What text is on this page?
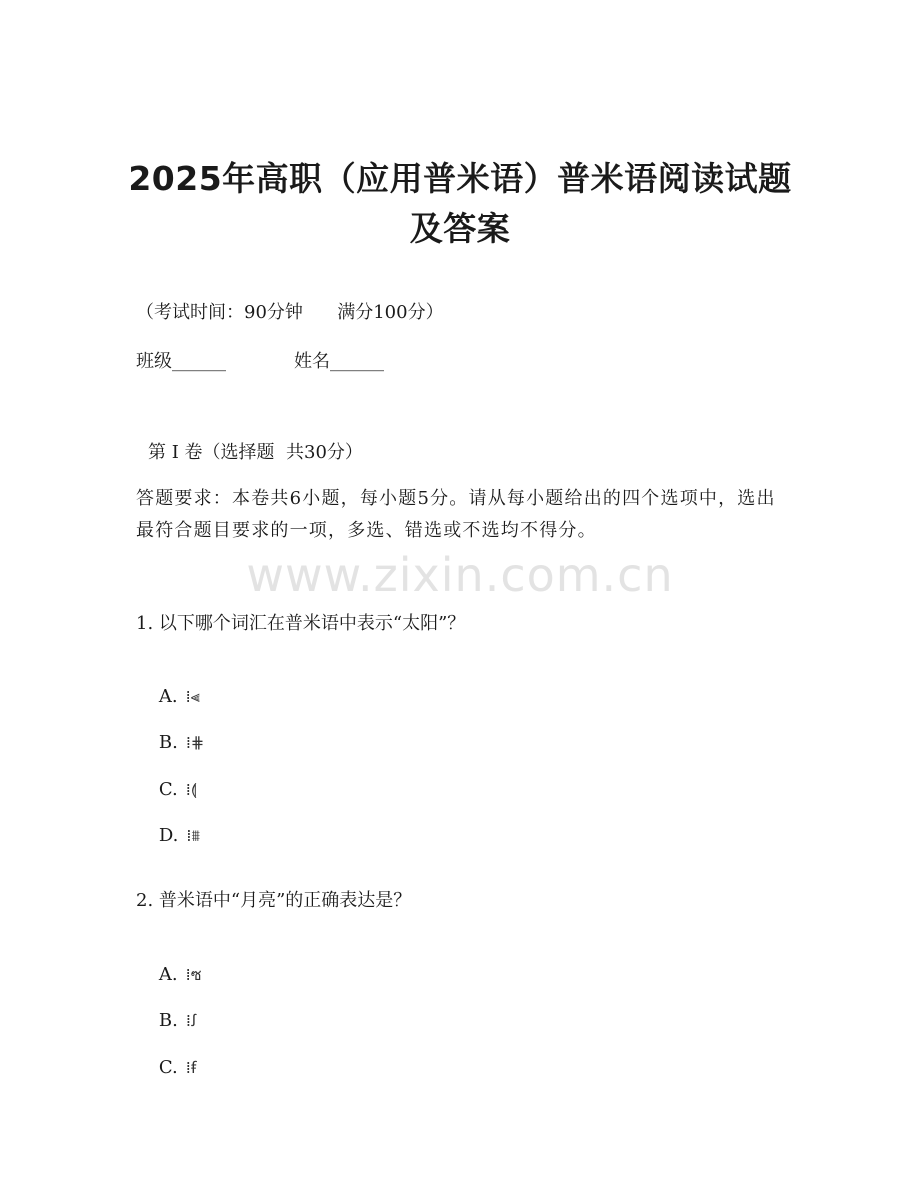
2025年高职（应用普米语）普米语阅读试题
及答案
（考试时间：90分钟      满分100分）
班级______	姓名______
第 I 卷（选择题  共30分）
答题要求：本卷共6小题，每小题5分。请从每小题给出的四个选项中，选出最符合题目要求的一项，多选、错选或不选均不得分。
www.zixin.com.cn
1. 以下哪个词汇在普米语中表示“太阳”？

A. ⁞⫷

B. ⁞⋕

C. ⁞⟬

D. ⁞⩩

2. 普米语中“月亮”的正确表达是？

A. ⁞ซ

B. ⁞ꭍ

C. ⁞ꞙ
